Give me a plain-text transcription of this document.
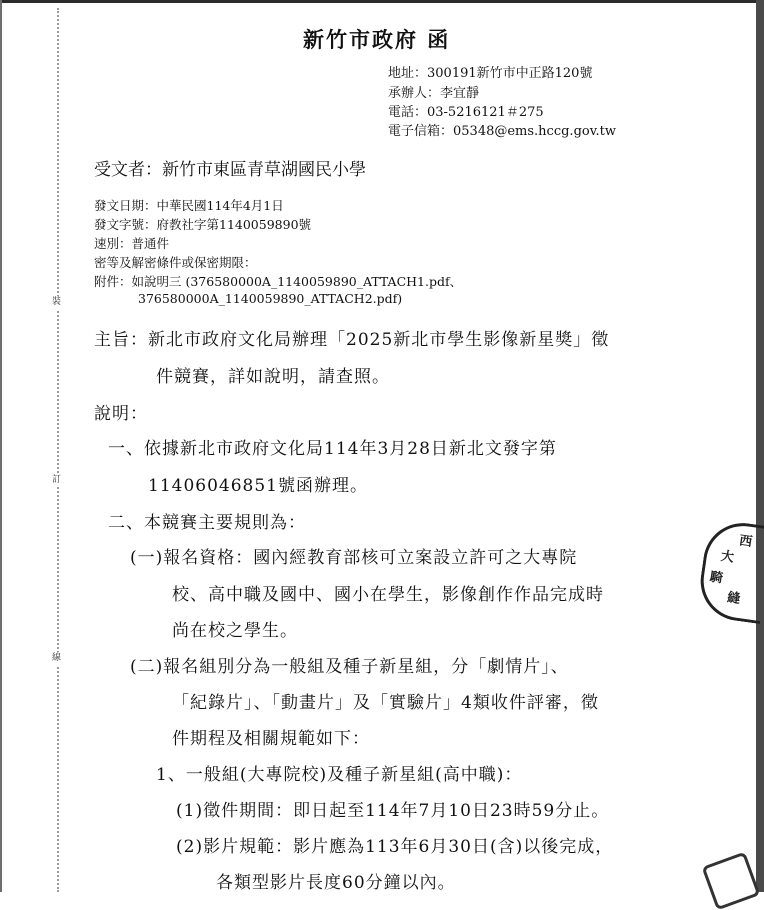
裝
訂
線
新竹市政府 函
地址：300191新竹市中正路120號
承辦人：李宜靜
電話：03-5216121＃275
電子信箱：05348@ems.hccg.gov.tw
受文者：新竹市東區青草湖國民小學
發文日期：中華民國114年4月1日
發文字號：府教社字第1140059890號
速別：普通件
密等及解密條件或保密期限：
附件：如說明三 (376580000A_1140059890_ATTACH1.pdf、
376580000A_1140059890_ATTACH2.pdf)
主旨：新北市政府文化局辦理「2025新北市學生影像新星獎」徵
件競賽，詳如說明，請查照。
說明：
一、依據新北市政府文化局114年3月28日新北文發字第
11406046851號函辦理。
二、本競賽主要規則為：
(一)報名資格：國內經教育部核可立案設立許可之大專院
校、高中職及國中、國小在學生，影像創作作品完成時
尚在校之學生。
(二)報名組別分為一般組及種子新星組，分「劇情片」、
「紀錄片」、「動畫片」及「實驗片」4類收件評審，徵
件期程及相關規範如下：
1、一般組(大專院校)及種子新星組(高中職)：
(1)徵件期間：即日起至114年7月10日23時59分止。
(2)影片規範：影片應為113年6月30日(含)以後完成，
各類型影片長度60分鐘以內。
西
大
騎
縫
